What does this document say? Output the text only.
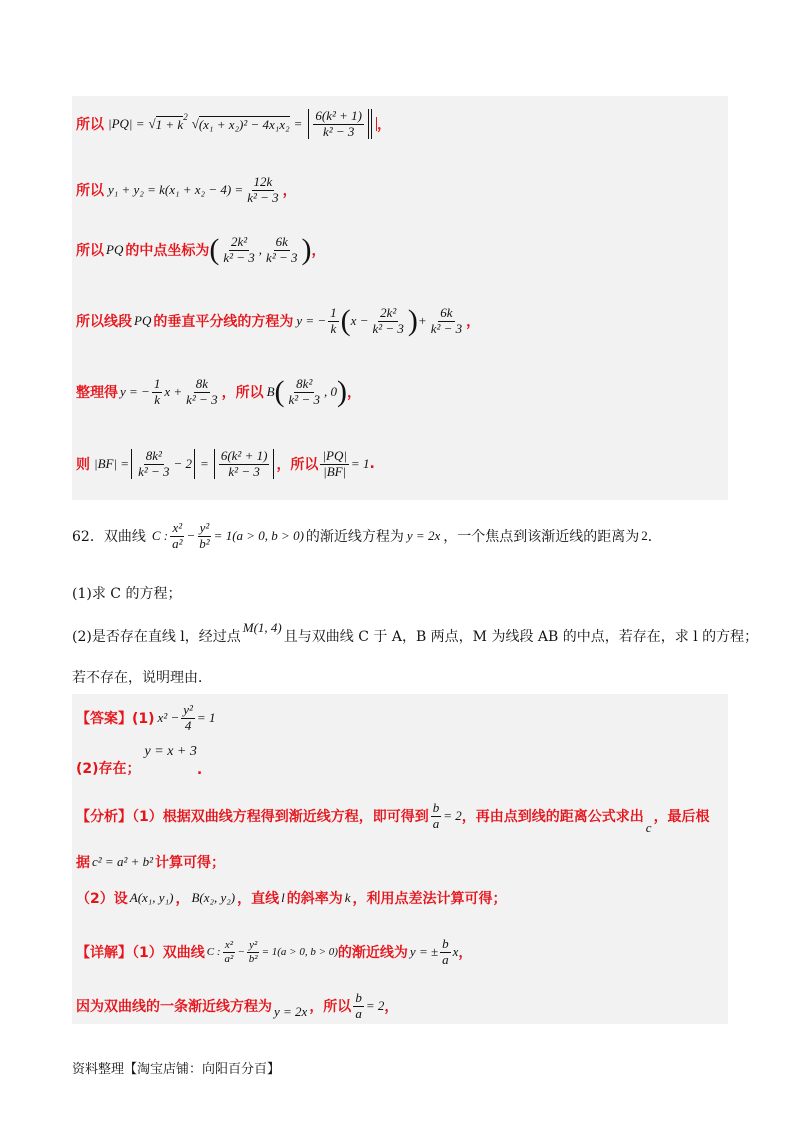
所以 |PQ| = √ 1 + k 2 √ $(x_1 + x_2)^2 - 4x_1x_2 = \frac{\text{6(k² + 1)}}{\text{k² − 3}}$ ，
所以 $y_1 + y_2 = k(x_1 + x_2 - 4) = \frac{12k}{\text{k² − 3}}$ ，
所以 PQ 的中点坐标为 ( $\frac{\text{2k²}}{\text{k² − 3}}$ , $\frac{6k}{\text{k² − 3}}$ ) ，
所以线段 PQ 的垂直平分线的方程为 y = − $\frac{1}{k}$ ( $x - \frac{\text{2k²}}{\text{k² − 3}}$ ) + $\frac{6k}{\text{k² − 3}}$ ，
整理得 y = − $\frac{1}{k}$ $x + \frac{8k}{\text{k² − 3}}$ ，所以 B ( $\frac{\text{8k²}}{\text{k² − 3}}$ , 0 ) ，
则 $|BF| = \frac{\text{8k²}}{\text{k² − 3}} - 2 = \frac{\text{6(k² + 1)}}{\text{k² − 3}}$ ，所以 $\frac{|PQ|}{|BF|} = 1$ .
62．双曲线 C : $\frac{\text{x²}}{\text{a²}} - \frac{\text{y²}}{\text{b²}} = 1(a > 0$, b > 0) 的渐近线方程为 y = 2x ，一个焦点到该渐近线的距离为 2 ．
(1)求 C 的方程；
(2)是否存在直线 l，经过点
M(1, 4)
且与双曲线 C 于 A，B 两点，M 为线段 AB 的中点，若存在，求 l 的方程；
若不存在，说明理由．
【答案】(1) $x^2 - \frac{\text{y²}}{4} = 1$
(2)存在；
y = x + 3
.
【分析】（1）根据双曲线方程得到渐近线方程，即可得到 $\frac{b}{a} = 2$ ，再由点到线的距离公式求出
c
，最后根
据 c² = a² + b² 计算可得；
（2）设 A(x₁, y₁) ， B(x₂, y₂) ，直线 l 的斜率为 k ，利用点差法计算可得；
【详解】（1）双曲线 C : $\frac{\text{x²}}{\text{a²}} - \frac{\text{y²}}{\text{b²}} = 1(a > 0$, b > 0) 的渐近线为 y = ± $\frac{b}{a}$ x ，
因为双曲线的一条渐近线方程为 y = 2x ，所以 $\frac{b}{a} = 2$ ，
资料整理【淘宝店铺：向阳百分百】
